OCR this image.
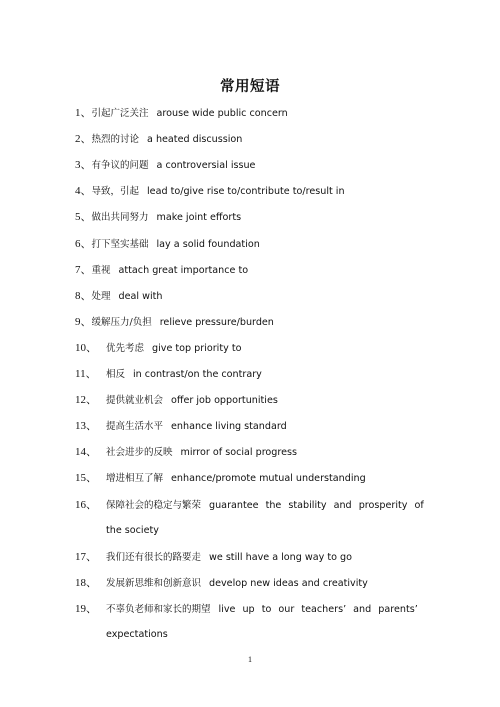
常用短语
1、引起广泛关注 arouse wide public concern
2、热烈的讨论 a heated discussion
3、有争议的问题 a controversial issue
4、导致，引起 lead to/give rise to/contribute to/result in
5、做出共同努力 make joint efforts
6、打下坚实基础 lay a solid foundation
7、重视 attach great importance to
8、处理 deal with
9、缓解压力/负担 relieve pressure/burden
10、 优先考虑 give top priority to
11、 相反 in contrast/on the contrary
12、 提供就业机会 offer job opportunities
13、 提高生活水平 enhance living standard
14、 社会进步的反映 mirror of social progress
15、 增进相互了解 enhance/promote mutual understanding
16、 保障社会的稳定与繁荣 guarantee the stability and prosperity of
the society
17、 我们还有很长的路要走 we still have a long way to go
18、 发展新思维和创新意识 develop new ideas and creativity
19、 不辜负老师和家长的期望 live up to our teachers’ and parents’
expectations
1
